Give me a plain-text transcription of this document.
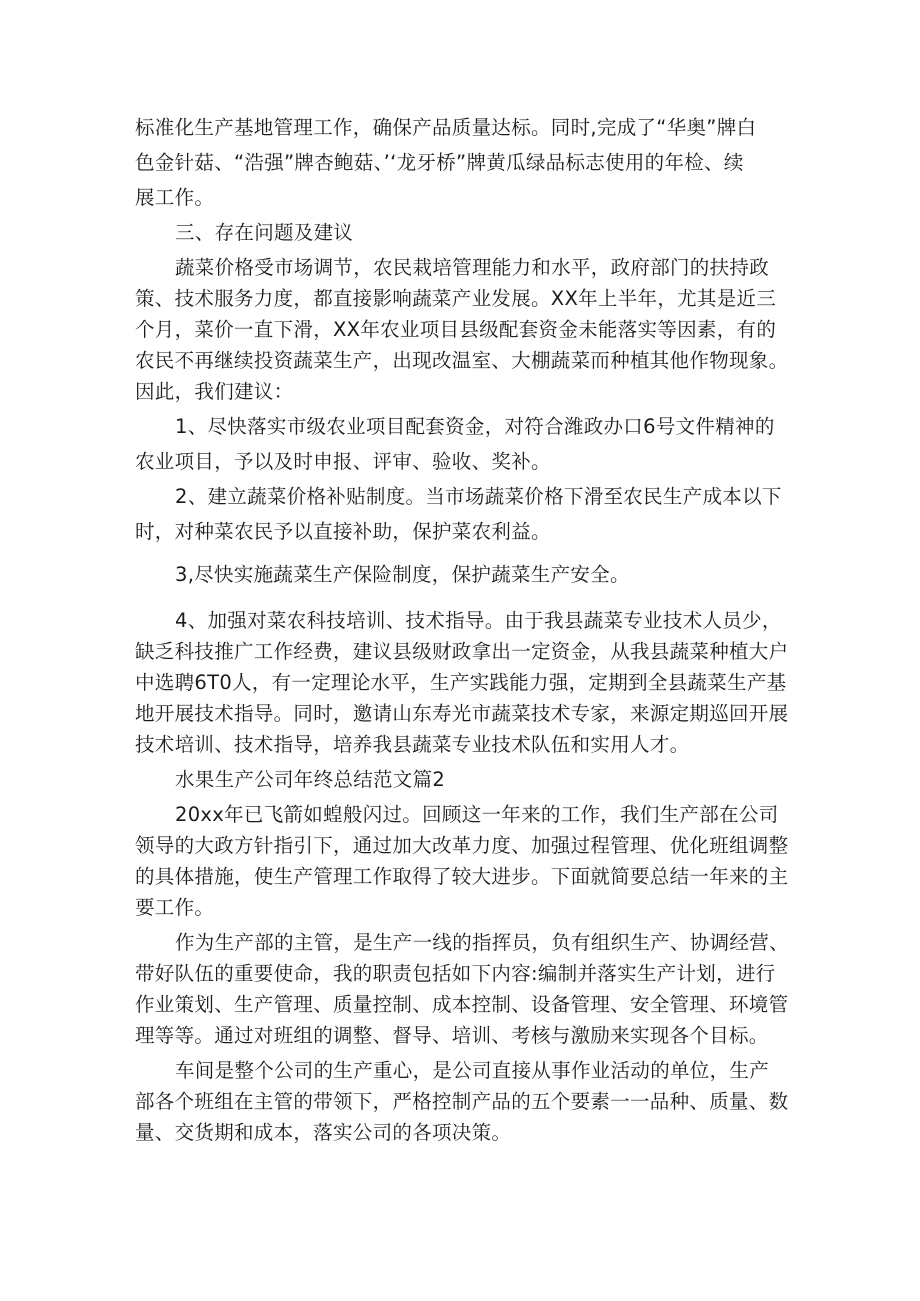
标准化生产基地管理工作，确保产品质量达标。同时,完成了“华奥”牌白
色金针菇、“浩强”牌杏鲍菇、’‘龙牙桥”牌黄瓜绿品标志使用的年检、续
展工作。
三、存在问题及建议
蔬菜价格受市场调节，农民栽培管理能力和水平，政府部门的扶持政
策、技术服务力度，都直接影响蔬菜产业发展。XX年上半年，尤其是近三
个月，菜价一直下滑，XX年农业项目县级配套资金未能落实等因素，有的
农民不再继续投资蔬菜生产，出现改温室、大棚蔬菜而种植其他作物现象。
因此，我们建议：
1、尽快落实市级农业项目配套资金，对符合潍政办口6号文件精神的
农业项目，予以及时申报、评审、验收、奖补。
2、建立蔬菜价格补贴制度。当市场蔬菜价格下滑至农民生产成本以下
时，对种菜农民予以直接补助，保护菜农利益。
3,尽快实施蔬菜生产保险制度，保护蔬菜生产安全。
4、加强对菜农科技培训、技术指导。由于我县蔬菜专业技术人员少，
缺乏科技推广工作经费，建议县级财政拿出一定资金，从我县蔬菜种植大户
中选聘6T0人，有一定理论水平，生产实践能力强，定期到全县蔬菜生产基
地开展技术指导。同时，邀请山东寿光市蔬菜技术专家，来源定期巡回开展
技术培训、技术指导，培养我县蔬菜专业技术队伍和实用人才。
水果生产公司年终总结范文篇2
20xx年已飞箭如蝗般闪过。回顾这一年来的工作，我们生产部在公司
领导的大政方针指引下，通过加大改革力度、加强过程管理、优化班组调整
的具体措施，使生产管理工作取得了较大进步。下面就简要总结一年来的主
要工作。
作为生产部的主管，是生产一线的指挥员，负有组织生产、协调经营、
带好队伍的重要使命，我的职责包括如下内容:编制并落实生产计划，进行
作业策划、生产管理、质量控制、成本控制、设备管理、安全管理、环境管
理等等。通过对班组的调整、督导、培训、考核与激励来实现各个目标。
车间是整个公司的生产重心，是公司直接从事作业活动的单位，生产
部各个班组在主管的带领下，严格控制产品的五个要素一一品种、质量、数
量、交货期和成本，落实公司的各项决策。
